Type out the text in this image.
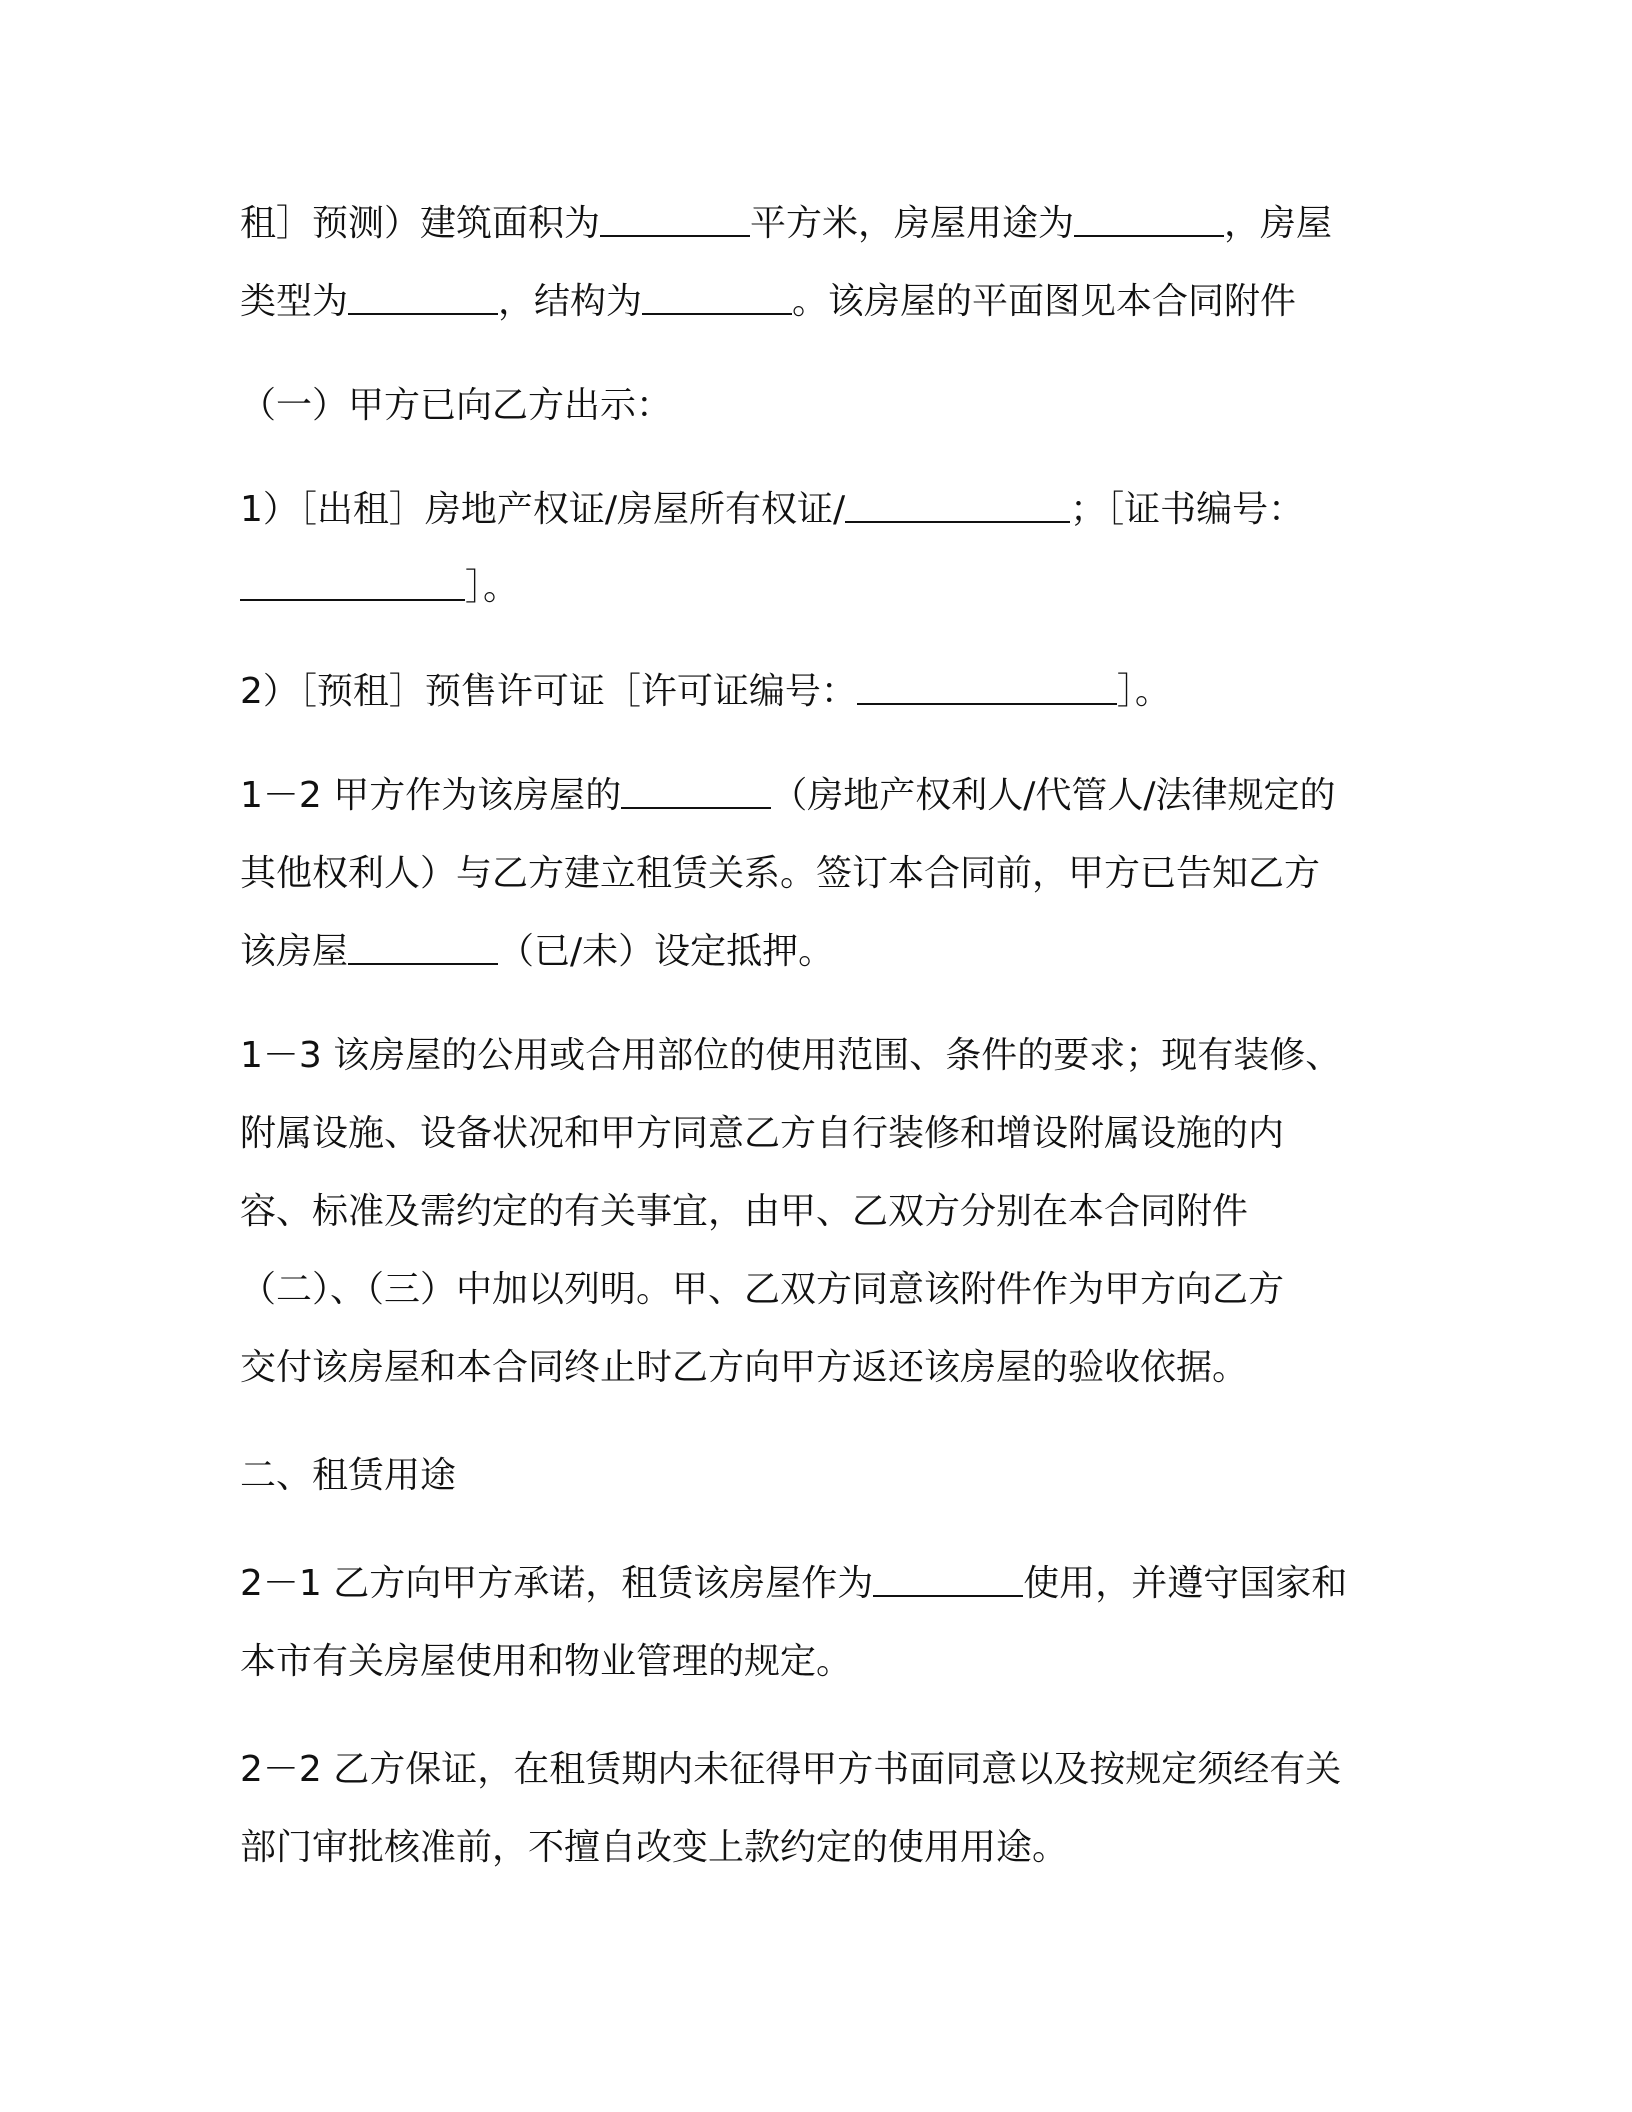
租］预测）建筑面积为	平方米，房屋用途为	，房屋

类型为	，结构为	。该房屋的平面图见本合同附件

（一）甲方已向乙方出示：

1）［出租］房地产权证/房屋所有权证/	；［证书编号：

］。

2）［预租］预售许可证［许可证编号：	］。

1－2 甲方作为该房屋的	（房地产权利人/代管人/法律规定的

其他权利人）与乙方建立租赁关系。签订本合同前，甲方已告知乙方

该房屋	（已/未）设定抵押。

1－3 该房屋的公用或合用部位的使用范围、条件的要求；现有装修、

附属设施、设备状况和甲方同意乙方自行装修和增设附属设施的内

容、标准及需约定的有关事宜，由甲、乙双方分别在本合同附件

（二）、（三）中加以列明。甲、乙双方同意该附件作为甲方向乙方

交付该房屋和本合同终止时乙方向甲方返还该房屋的验收依据。

二、租赁用途

2－1 乙方向甲方承诺，租赁该房屋作为	使用，并遵守国家和

本市有关房屋使用和物业管理的规定。

2－2 乙方保证，在租赁期内未征得甲方书面同意以及按规定须经有关

部门审批核准前，不擅自改变上款约定的使用用途。
